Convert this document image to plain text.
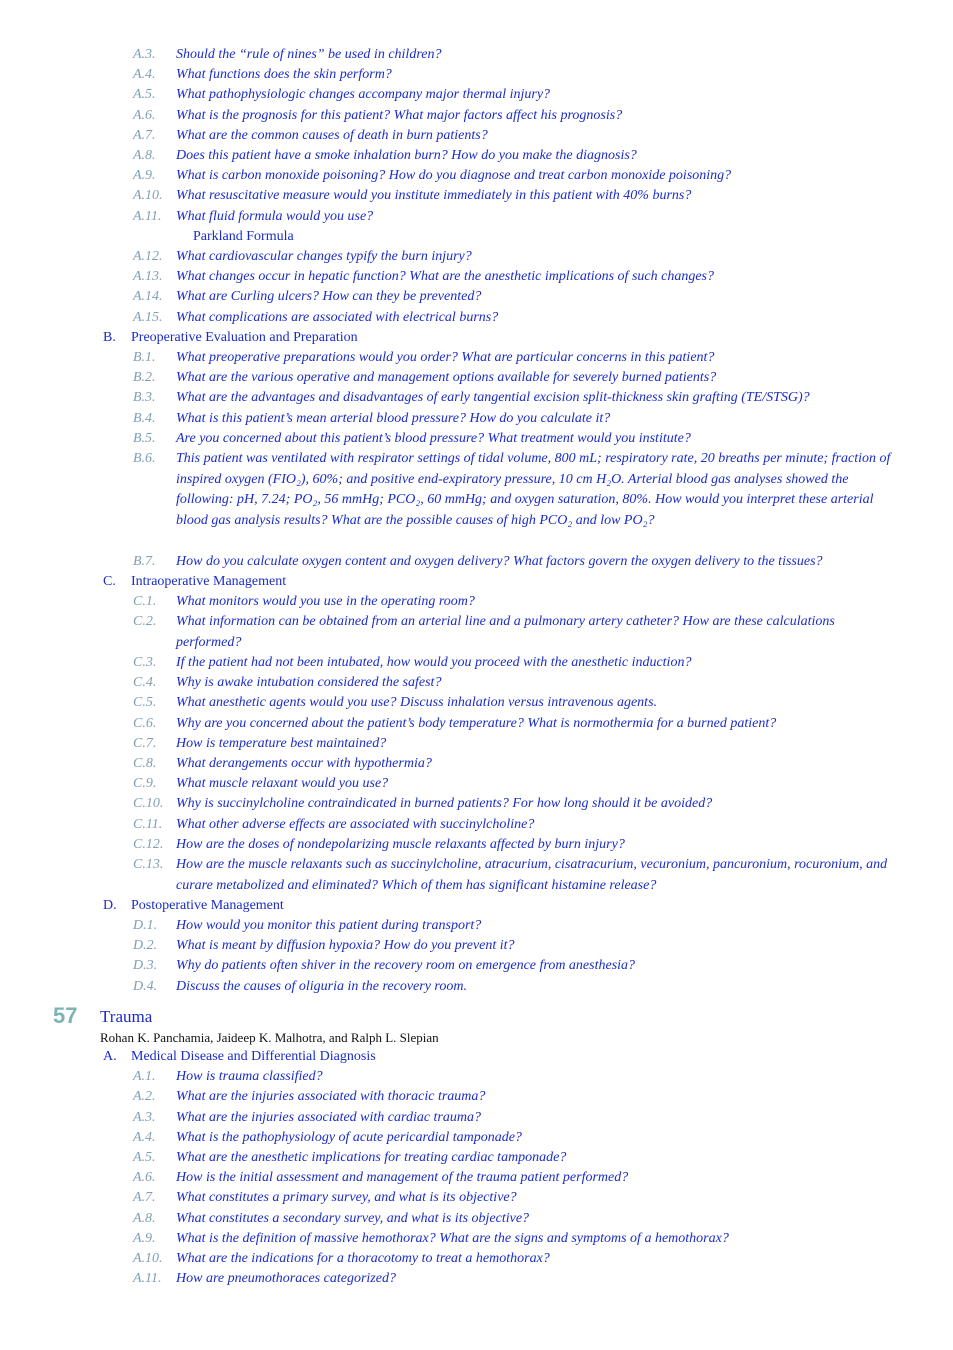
A.3. Should the “rule of nines” be used in children?
A.4. What functions does the skin perform?
A.5. What pathophysiologic changes accompany major thermal injury?
A.6. What is the prognosis for this patient? What major factors affect his prognosis?
A.7. What are the common causes of death in burn patients?
A.8. Does this patient have a smoke inhalation burn? How do you make the diagnosis?
A.9. What is carbon monoxide poisoning? How do you diagnose and treat carbon monoxide poisoning?
A.10. What resuscitative measure would you institute immediately in this patient with 40% burns?
A.11. What fluid formula would you use?
Parkland Formula
A.12. What cardiovascular changes typify the burn injury?
A.13. What changes occur in hepatic function? What are the anesthetic implications of such changes?
A.14. What are Curling ulcers? How can they be prevented?
A.15. What complications are associated with electrical burns?
B. Preoperative Evaluation and Preparation
B.1. What preoperative preparations would you order? What are particular concerns in this patient?
B.2. What are the various operative and management options available for severely burned patients?
B.3. What are the advantages and disadvantages of early tangential excision split-thickness skin grafting (TE/STSG)?
B.4. What is this patient’s mean arterial blood pressure? How do you calculate it?
B.5. Are you concerned about this patient’s blood pressure? What treatment would you institute?
B.6. This patient was ventilated with respirator settings of tidal volume, 800 mL; respiratory rate, 20 breaths per minute; fraction of inspired oxygen (FIO₂), 60%; and positive end-expiratory pressure, 10 cm H₂O. Arterial blood gas analyses showed the following: pH, 7.24; PO₂, 56 mmHg; PCO₂, 60 mmHg; and oxygen saturation, 80%. How would you interpret these arterial blood gas analysis results? What are the possible causes of high PCO₂ and low PO₂?
B.7. How do you calculate oxygen content and oxygen delivery? What factors govern the oxygen delivery to the tissues?
C. Intraoperative Management
C.1. What monitors would you use in the operating room?
C.2. What information can be obtained from an arterial line and a pulmonary artery catheter? How are these calculations performed?
C.3. If the patient had not been intubated, how would you proceed with the anesthetic induction?
C.4. Why is awake intubation considered the safest?
C.5. What anesthetic agents would you use? Discuss inhalation versus intravenous agents.
C.6. Why are you concerned about the patient’s body temperature? What is normothermia for a burned patient?
C.7. How is temperature best maintained?
C.8. What derangements occur with hypothermia?
C.9. What muscle relaxant would you use?
C.10. Why is succinylcholine contraindicated in burned patients? For how long should it be avoided?
C.11. What other adverse effects are associated with succinylcholine?
C.12. How are the doses of nondepolarizing muscle relaxants affected by burn injury?
C.13. How are the muscle relaxants such as succinylcholine, atracurium, cisatracurium, vecuronium, pancuronium, rocuronium, and curare metabolized and eliminated? Which of them has significant histamine release?
D. Postoperative Management
D.1. How would you monitor this patient during transport?
D.2. What is meant by diffusion hypoxia? How do you prevent it?
D.3. Why do patients often shiver in the recovery room on emergence from anesthesia?
D.4. Discuss the causes of oliguria in the recovery room.
57 Trauma
Rohan K. Panchamia, Jaideep K. Malhotra, and Ralph L. Slepian
A. Medical Disease and Differential Diagnosis
A.1. How is trauma classified?
A.2. What are the injuries associated with thoracic trauma?
A.3. What are the injuries associated with cardiac trauma?
A.4. What is the pathophysiology of acute pericardial tamponade?
A.5. What are the anesthetic implications for treating cardiac tamponade?
A.6. How is the initial assessment and management of the trauma patient performed?
A.7. What constitutes a primary survey, and what is its objective?
A.8. What constitutes a secondary survey, and what is its objective?
A.9. What is the definition of massive hemothorax? What are the signs and symptoms of a hemothorax?
A.10. What are the indications for a thoracotomy to treat a hemothorax?
A.11. How are pneumothoraces categorized?
